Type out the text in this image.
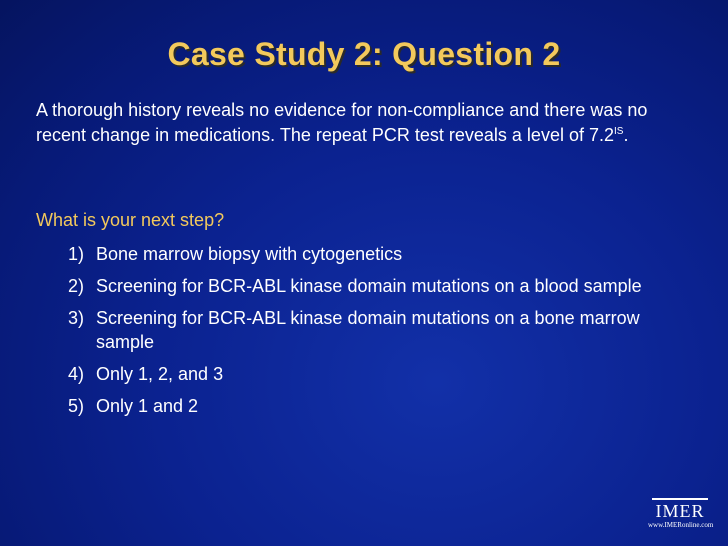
Case Study 2: Question 2
A thorough history reveals no evidence for non-compliance and there was no recent change in medications. The repeat PCR test reveals a level of $7.2^{IS}$.
What is your next step?
1) Bone marrow biopsy with cytogenetics
2) Screening for BCR-ABL kinase domain mutations on a blood sample
3) Screening for BCR-ABL kinase domain mutations on a bone marrow sample
4) Only 1, 2, and 3
5) Only 1 and 2
IMER
www.IMERonline.com
